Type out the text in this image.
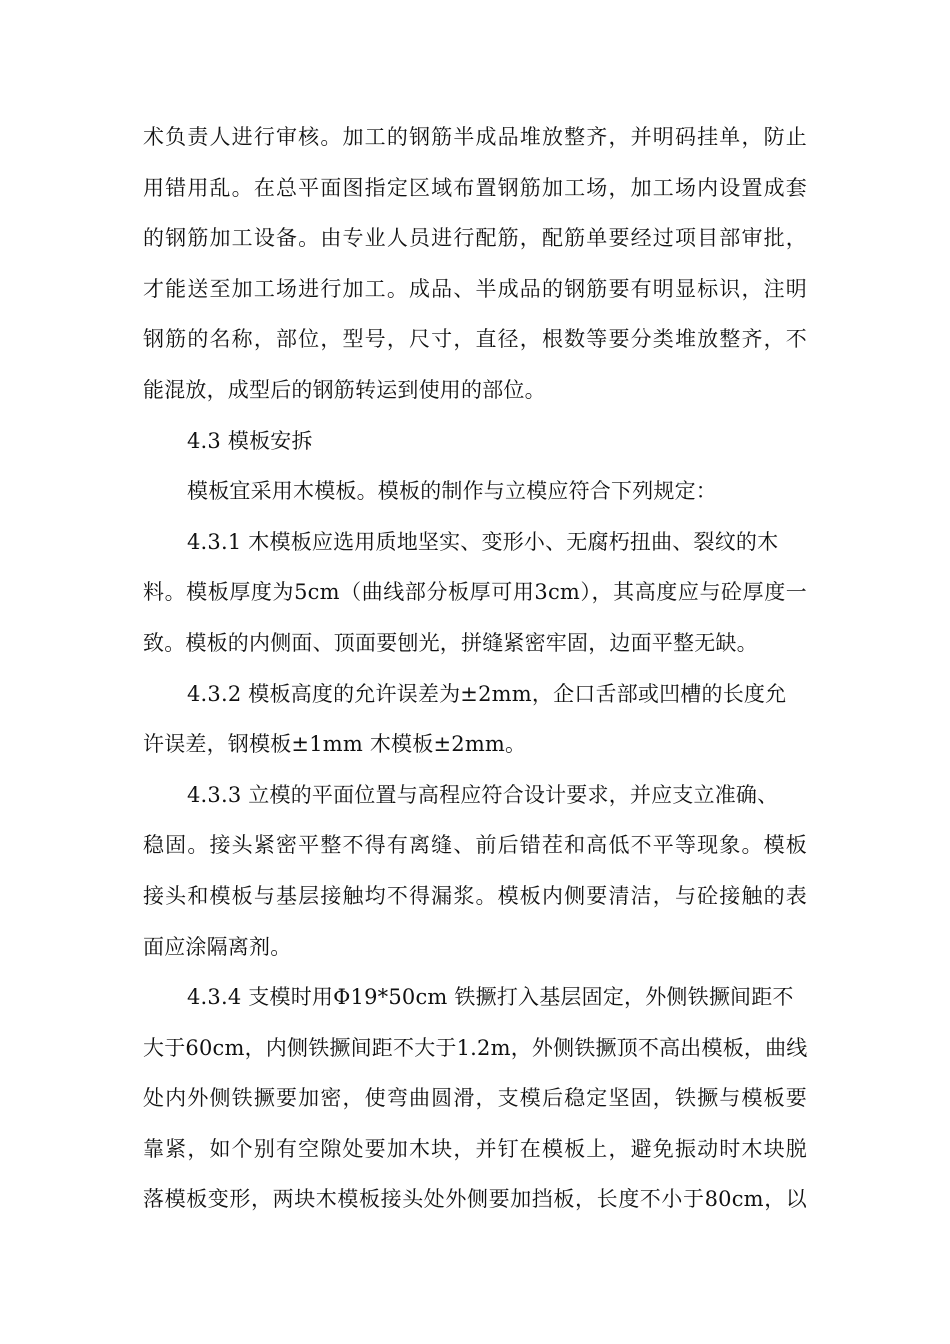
术负责人进行审核。加工的钢筋半成品堆放整齐，并明码挂单，防止
用错用乱。在总平面图指定区域布置钢筋加工场，加工场内设置成套
的钢筋加工设备。由专业人员进行配筋，配筋单要经过项目部审批，
才能送至加工场进行加工。成品、半成品的钢筋要有明显标识，注明
钢筋的名称，部位，型号，尺寸，直径，根数等要分类堆放整齐，不
能混放，成型后的钢筋转运到使用的部位。
4.3 模板安拆
模板宜采用木模板。模板的制作与立模应符合下列规定：
4.3.1 木模板应选用质地坚实、变形小、无腐朽扭曲、裂纹的木
料。模板厚度为5cm（曲线部分板厚可用3cm），其高度应与砼厚度一
致。模板的内侧面、顶面要刨光，拼缝紧密牢固，边面平整无缺。
4.3.2 模板高度的允许误差为±2mm，企口舌部或凹槽的长度允
许误差，钢模板±1mm 木模板±2mm。
4.3.3 立模的平面位置与高程应符合设计要求，并应支立准确、
稳固。接头紧密平整不得有离缝、前后错茬和高低不平等现象。模板
接头和模板与基层接触均不得漏浆。模板内侧要清洁，与砼接触的表
面应涂隔离剂。
4.3.4 支模时用Φ19*50cm 铁撅打入基层固定，外侧铁撅间距不
大于60cm，内侧铁撅间距不大于1.2m，外侧铁撅顶不高出模板，曲线
处内外侧铁撅要加密，使弯曲圆滑，支模后稳定坚固，铁撅与模板要
靠紧，如个别有空隙处要加木块，并钉在模板上，避免振动时木块脱
落模板变形，两块木模板接头处外侧要加挡板，长度不小于80cm，以
